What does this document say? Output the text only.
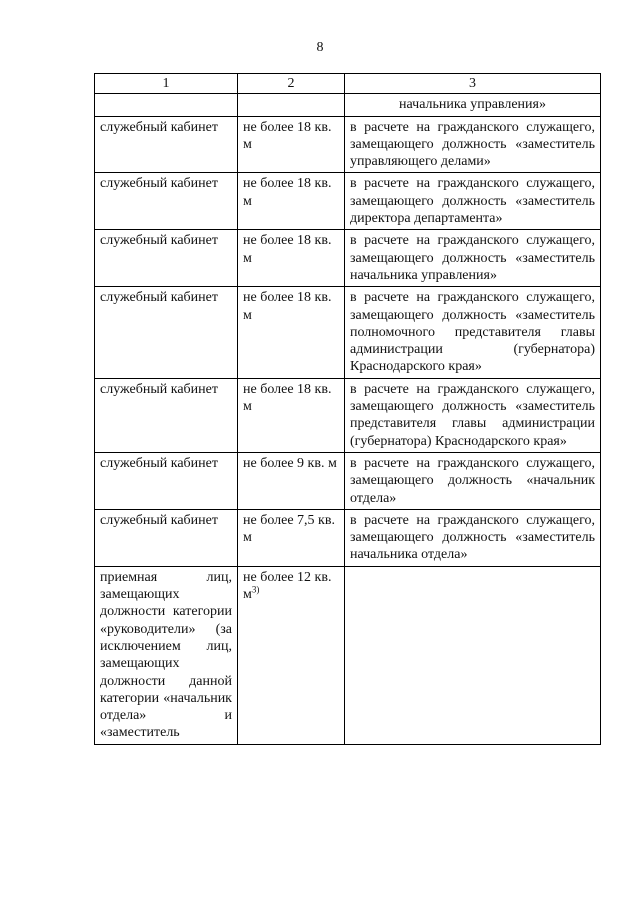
8
1	2	3
		начальника управления»
служебный кабинет	не более 18 кв. м	в расчете на гражданского служащего, замещающего должность «заместитель управляющего делами»
служебный кабинет	не более 18 кв. м	в расчете на гражданского служащего, замещающего должность «заместитель директора департамента»
служебный кабинет	не более 18 кв. м	в расчете на гражданского служащего, замещающего должность «заместитель начальника управления»
служебный кабинет	не более 18 кв. м	в расчете на гражданского служащего, замещающего должность «заместитель полномочного представителя главы администрации (губернатора) Краснодарского края»
служебный кабинет	не более 18 кв. м	в расчете на гражданского служащего, замещающего должность «заместитель представителя главы администрации (губернатора) Краснодарского края»
служебный кабинет	не более 9 кв. м	в расчете на гражданского служащего, замещающего должность «начальник отдела»
служебный кабинет	не более 7,5 кв. м	в расчете на гражданского служащего, замещающего должность «заместитель начальника отдела»
приемная лиц, замещающих должности категории «руководители» (за исключением лиц, замещающих должности данной категории «начальник отдела» и «заместитель	не более 12 кв. $м^{3)}$	
